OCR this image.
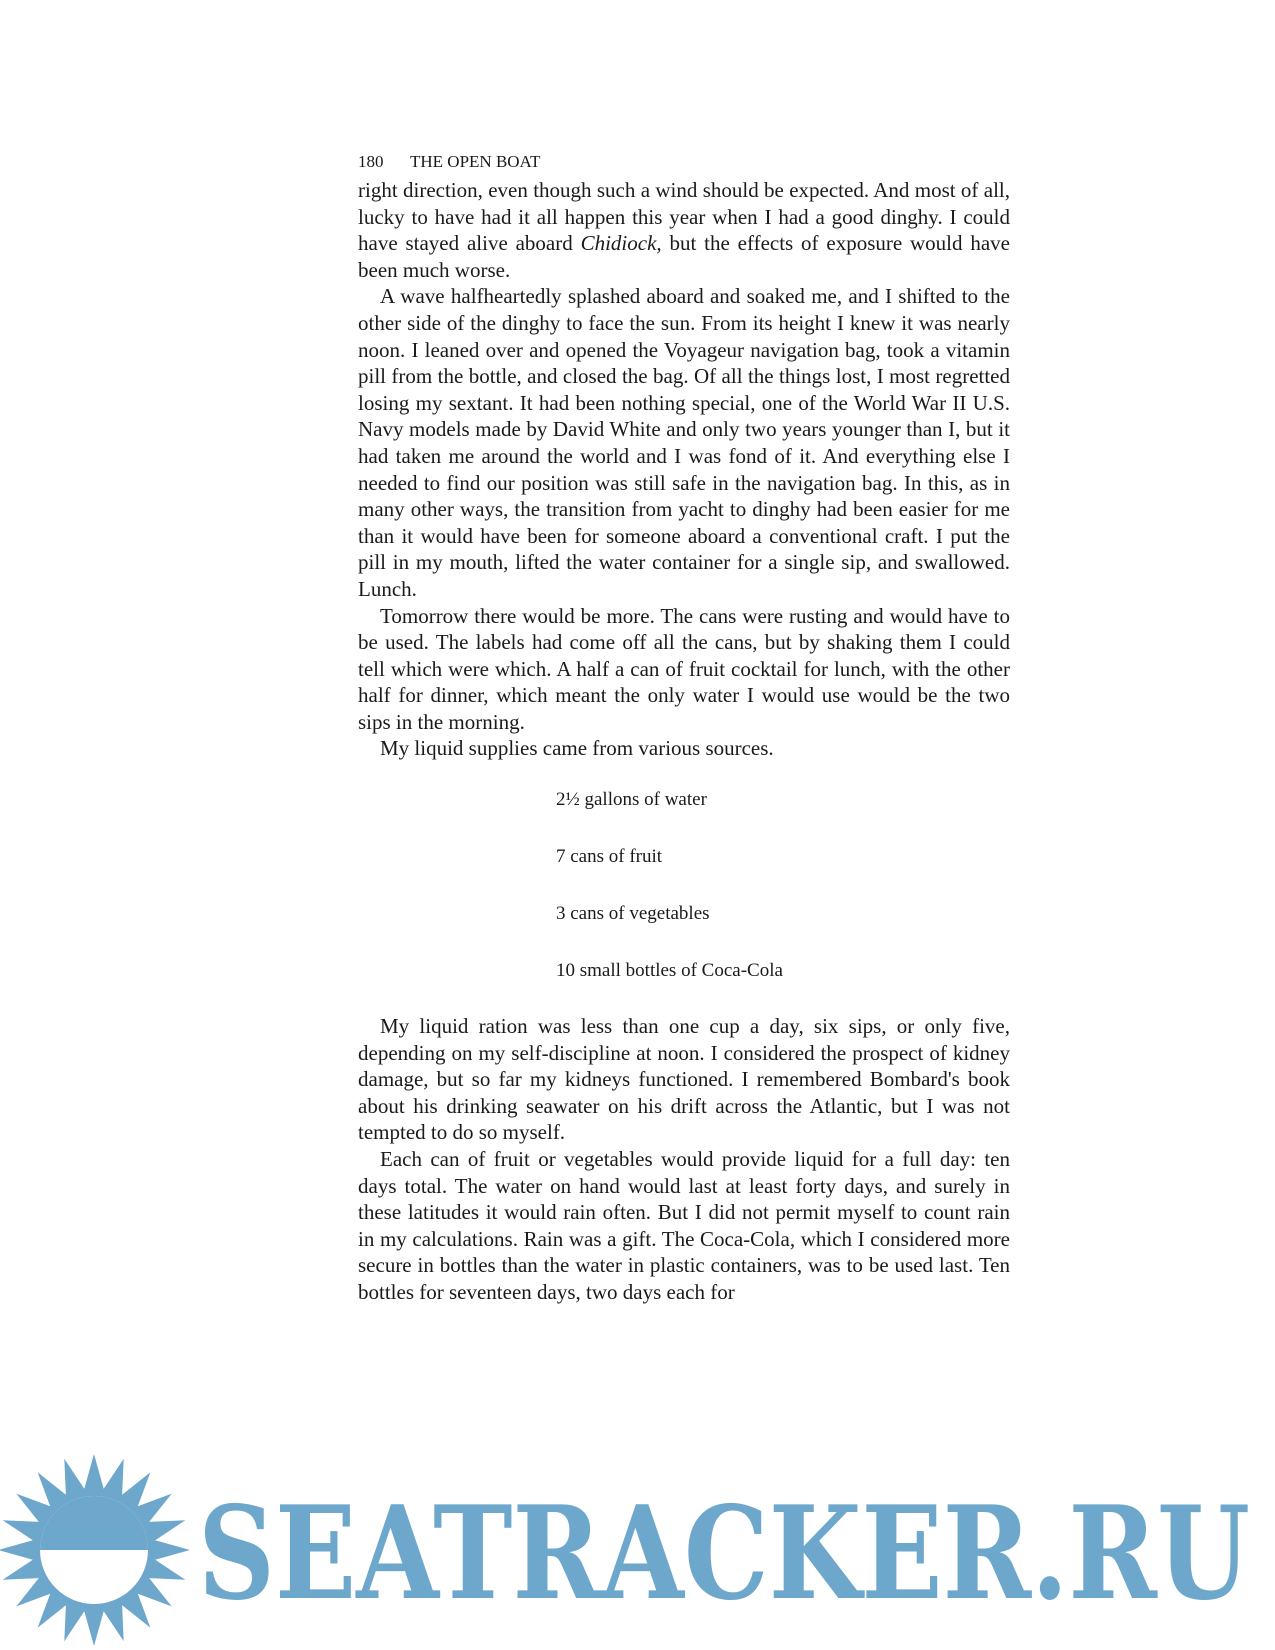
180 THE OPEN BOAT

right direction, even though such a wind should be expected. And most of all, lucky to have had it all happen this year when I had a good dinghy. I could have stayed alive aboard Chidiock, but the effects of exposure would have been much worse.

A wave halfheartedly splashed aboard and soaked me, and I shifted to the other side of the dinghy to face the sun. From its height I knew it was nearly noon. I leaned over and opened the Voyageur navigation bag, took a vitamin pill from the bottle, and closed the bag. Of all the things lost, I most regretted losing my sextant. It had been nothing special, one of the World War II U.S. Navy models made by David White and only two years younger than I, but it had taken me around the world and I was fond of it. And everything else I needed to find our position was still safe in the navigation bag. In this, as in many other ways, the transition from yacht to dinghy had been easier for me than it would have been for someone aboard a conventional craft. I put the pill in my mouth, lifted the water container for a single sip, and swallowed. Lunch.

Tomorrow there would be more. The cans were rusting and would have to be used. The labels had come off all the cans, but by shaking them I could tell which were which. A half a can of fruit cocktail for lunch, with the other half for dinner, which meant the only water I would use would be the two sips in the morning.

My liquid supplies came from various sources.

2½ gallons of water
7 cans of fruit
3 cans of vegetables
10 small bottles of Coca-Cola

My liquid ration was less than one cup a day, six sips, or only five, depending on my self-discipline at noon. I considered the prospect of kidney damage, but so far my kidneys functioned. I remembered Bombard's book about his drinking seawater on his drift across the Atlantic, but I was not tempted to do so myself.

Each can of fruit or vegetables would provide liquid for a full day: ten days total. The water on hand would last at least forty days, and surely in these latitudes it would rain often. But I did not permit myself to count rain in my calculations. Rain was a gift. The Coca-Cola, which I considered more secure in bottles than the water in plastic containers, was to be used last. Ten bottles for seventeen days, two days each for

SEATRACKER.RU
